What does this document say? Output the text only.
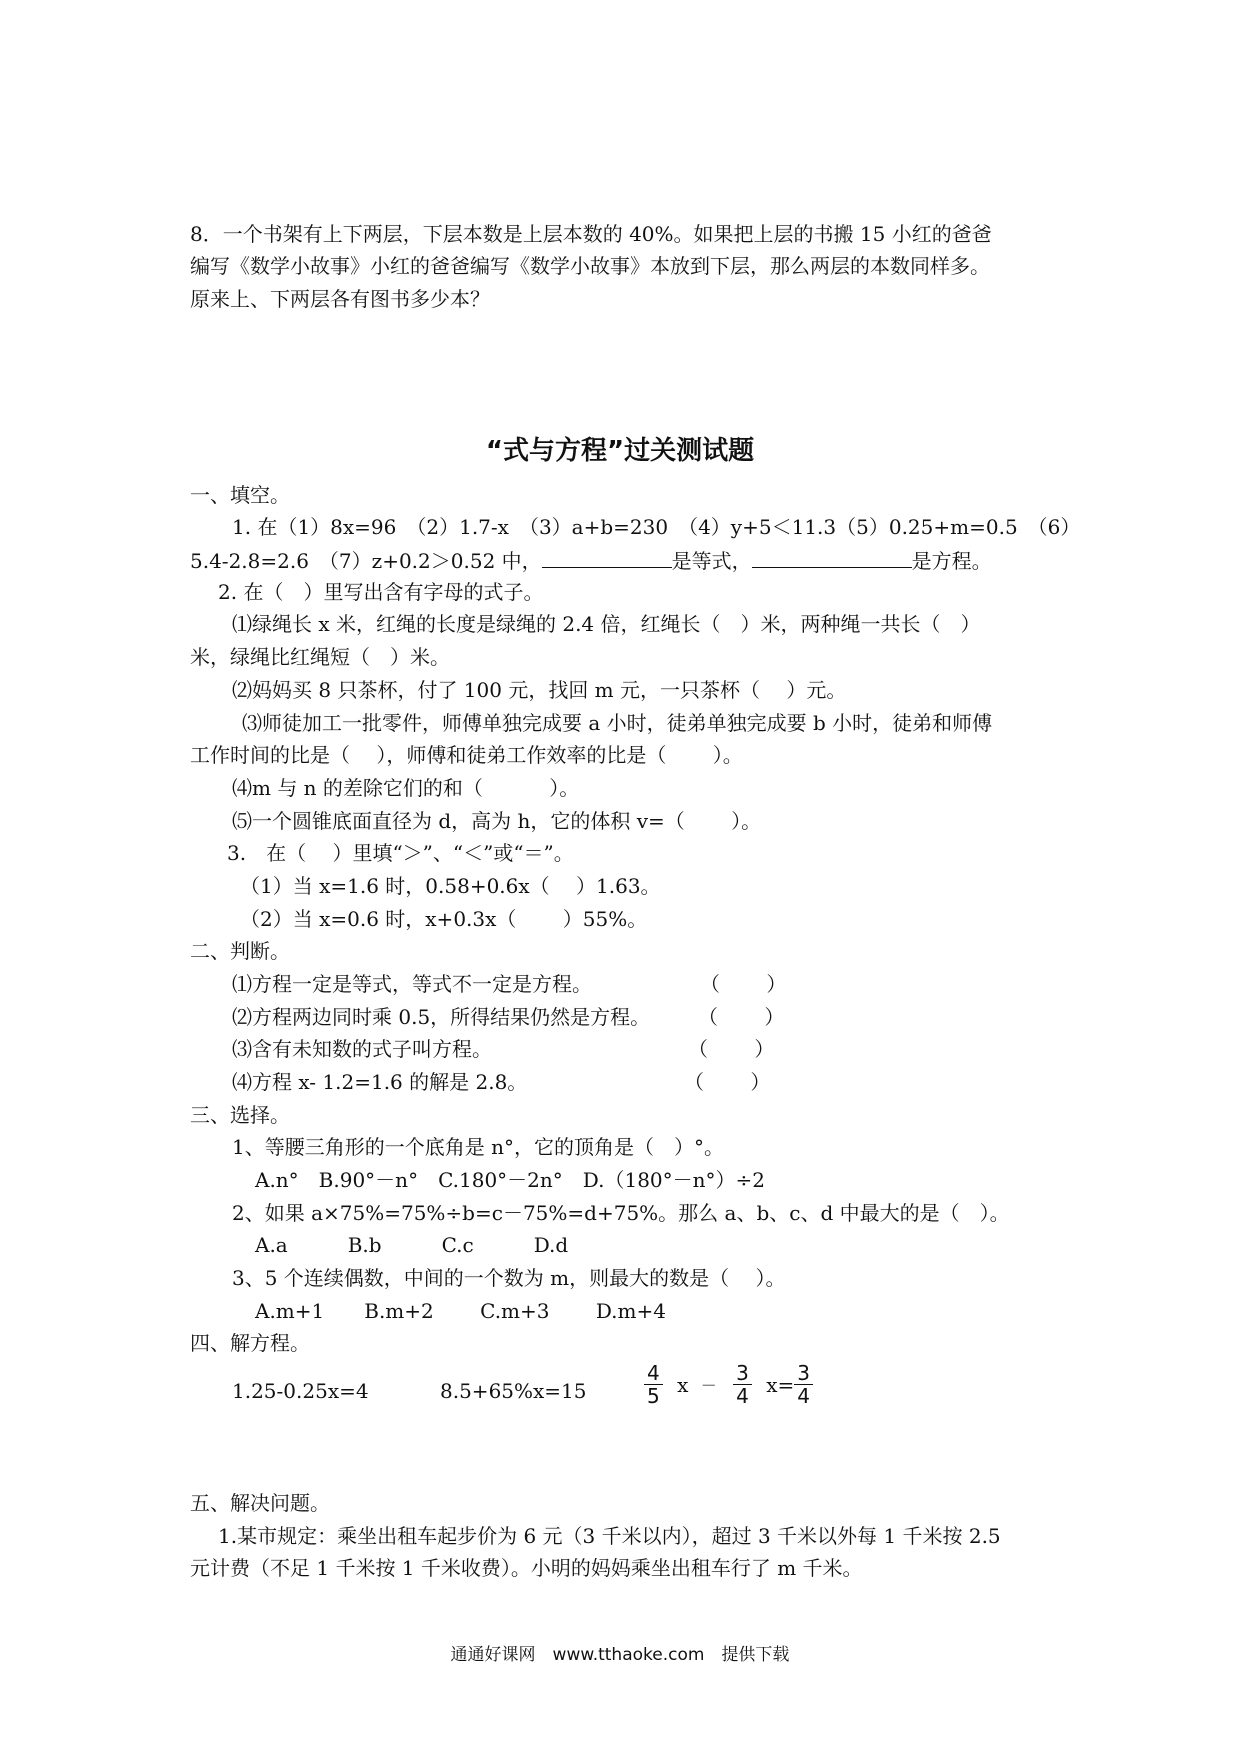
8．一个书架有上下两层，下层本数是上层本数的 40%。如果把上层的书搬 15 小红的爸爸
编写《数学小故事》小红的爸爸编写《数学小故事》本放到下层，那么两层的本数同样多。
原来上、下两层各有图书多少本？
“式与方程”过关测试题
一、填空。
1. 在（1）8x=96　（2）1.7-x　（3）a+b=230　（4）y+5＜11.3（5）0.25+m=0.5　（6）
5.4-2.8=2.6　（7）z+0.2＞0.52 中，	是等式，	是方程。
2. 在（　）里写出含有字母的式子。
⑴绿绳长 x 米，红绳的长度是绿绳的 2.4 倍，红绳长（　）米，两种绳一共长（　）
米，绿绳比红绳短（　）米。
⑵妈妈买 8 只茶杯，付了 100 元，找回 m 元，一只茶杯（　 ）元。
⑶师徒加工一批零件，师傅单独完成要 a 小时，徒弟单独完成要 b 小时，徒弟和师傅
工作时间的比是（　 ），师傅和徒弟工作效率的比是（　　 ）。
⑷m 与 n 的差除它们的和（　　　 ）。
⑸一个圆锥底面直径为 d，高为 h，它的体积 v=（　　 ）。
3.　在（　 ）里填“＞”、“＜”或“＝”。
（1）当 x=1.6 时，0.58+0.6x（　 ）1.63。
（2）当 x=0.6 时，x+0.3x（　　 ）55%。
二、判断。
⑴方程一定是等式，等式不一定是方程。	（　　 ）
⑵方程两边同时乘 0.5，所得结果仍然是方程。 （　　 ）
⑶含有未知数的式子叫方程。	（　　 ）
⑷方程 x- 1.2=1.6 的解是 2.8。	（　　 ）
三、选择。
1、等腰三角形的一个底角是 n°，它的顶角是（　）°。
A.n°　B.90°－n°　C.180°－2n°　D.（180°－n°）÷2
2、如果 a×75%=75%÷b=c－75%=d+75%。那么 a、b、c、d 中最大的是（　）。
A.a　　　B.b　　　C.c　　　D.d
3、5 个连续偶数，中间的一个数为 m，则最大的数是（　 ）。
A.m+1　　B.m+2　　 C.m+3　　 D.m+4
四、解方程。
1.25-0.25x=4	8.5+65%x=15	$\frac{4}{5}$ $x - \frac{3}{4} x= \frac{3}{4}$
五、解决问题。
1.某市规定：乘坐出租车起步价为 6 元（3 千米以内），超过 3 千米以外每 1 千米按 2.5
元计费（不足 1 千米按 1 千米收费）。小明的妈妈乘坐出租车行了 m 千米。
通通好课网　www.tthaoke.com　提供下载
